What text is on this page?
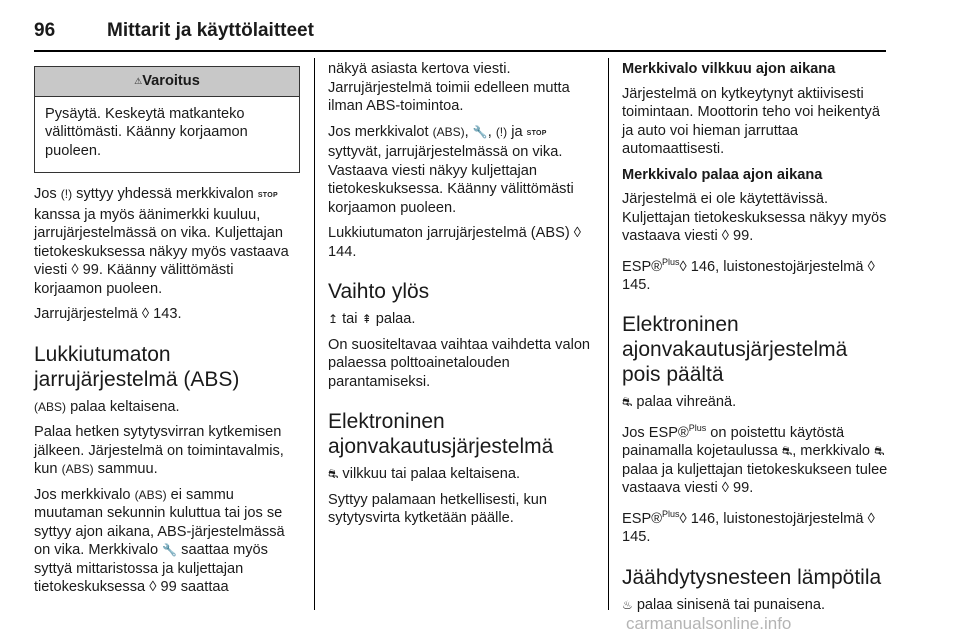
96	Mittarit ja käyttölaitteet
⚠Varoitus
Pysäytä. Keskeytä matkanteko välittömästi. Käänny korjaamon puoleen.

Jos (!) syttyy yhdessä merkkivalon STOP kanssa ja myös äänimerkki kuuluu, jarrujärjestelmässä on vika. Kuljettajan tietokeskuksessa näkyy myös vastaava viesti ◊ 99. Käänny välittömästi korjaamon puoleen.

Jarrujärjestelmä ◊ 143.

Lukkiutumaton jarrujärjestelmä (ABS)

(ABS) palaa keltaisena.

Palaa hetken sytytysvirran kytkemisen jälkeen. Järjestelmä on toimintavalmis, kun (ABS) sammuu.

Jos merkkivalo (ABS) ei sammu muutaman sekunnin kuluttua tai jos se syttyy ajon aikana, ABS-järjestelmässä on vika. Merkkivalo 🔧 saattaa myös syttyä mittaristossa ja kuljettajan tietokeskuksessa ◊ 99 saattaa

näkyä asiasta kertova viesti. Jarrujärjestelmä toimii edelleen mutta ilman ABS-toimintoa.

Jos merkkivalot (ABS), 🔧, (!) ja STOP syttyvät, jarrujärjestelmässä on vika. Vastaava viesti näkyy kuljettajan tietokeskuksessa. Käänny välittömästi korjaamon puoleen.

Lukkiutumaton jarrujärjestelmä (ABS) ◊ 144.

Vaihto ylös

↥ tai ⇞ palaa.

On suositeltavaa vaihtaa vaihdetta valon palaessa polttoainetalouden parantamiseksi.

Elektroninen ajonvakautusjärjestelmä

⛐ vilkkuu tai palaa keltaisena.

Syttyy palamaan hetkellisesti, kun sytytysvirta kytketään päälle.

Merkkivalo vilkkuu ajon aikana

Järjestelmä on kytkeytynyt aktiivisesti toimintaan. Moottorin teho voi heikentyä ja auto voi hieman jarruttaa automaattisesti.

Merkkivalo palaa ajon aikana

Järjestelmä ei ole käytettävissä. Kuljettajan tietokeskuksessa näkyy myös vastaava viesti ◊ 99.

ESP®$^{Plus}$◊ 146, luistonestojärjestelmä ◊ 145.

Elektroninen ajonvakautusjärjestelmä pois päältä

⛐ palaa vihreänä.

Jos ESP®$^{Plus}$ on poistettu käytöstä painamalla kojetaulussa ⛐, merkkivalo ⛐ palaa ja kuljettajan tietokeskukseen tulee vastaava viesti ◊ 99.

ESP®$^{Plus}$◊ 146, luistonestojärjestelmä ◊ 145.

Jäähdytysnesteen lämpötila

♨ palaa sinisenä tai punaisena.

carmanualsonline.info
